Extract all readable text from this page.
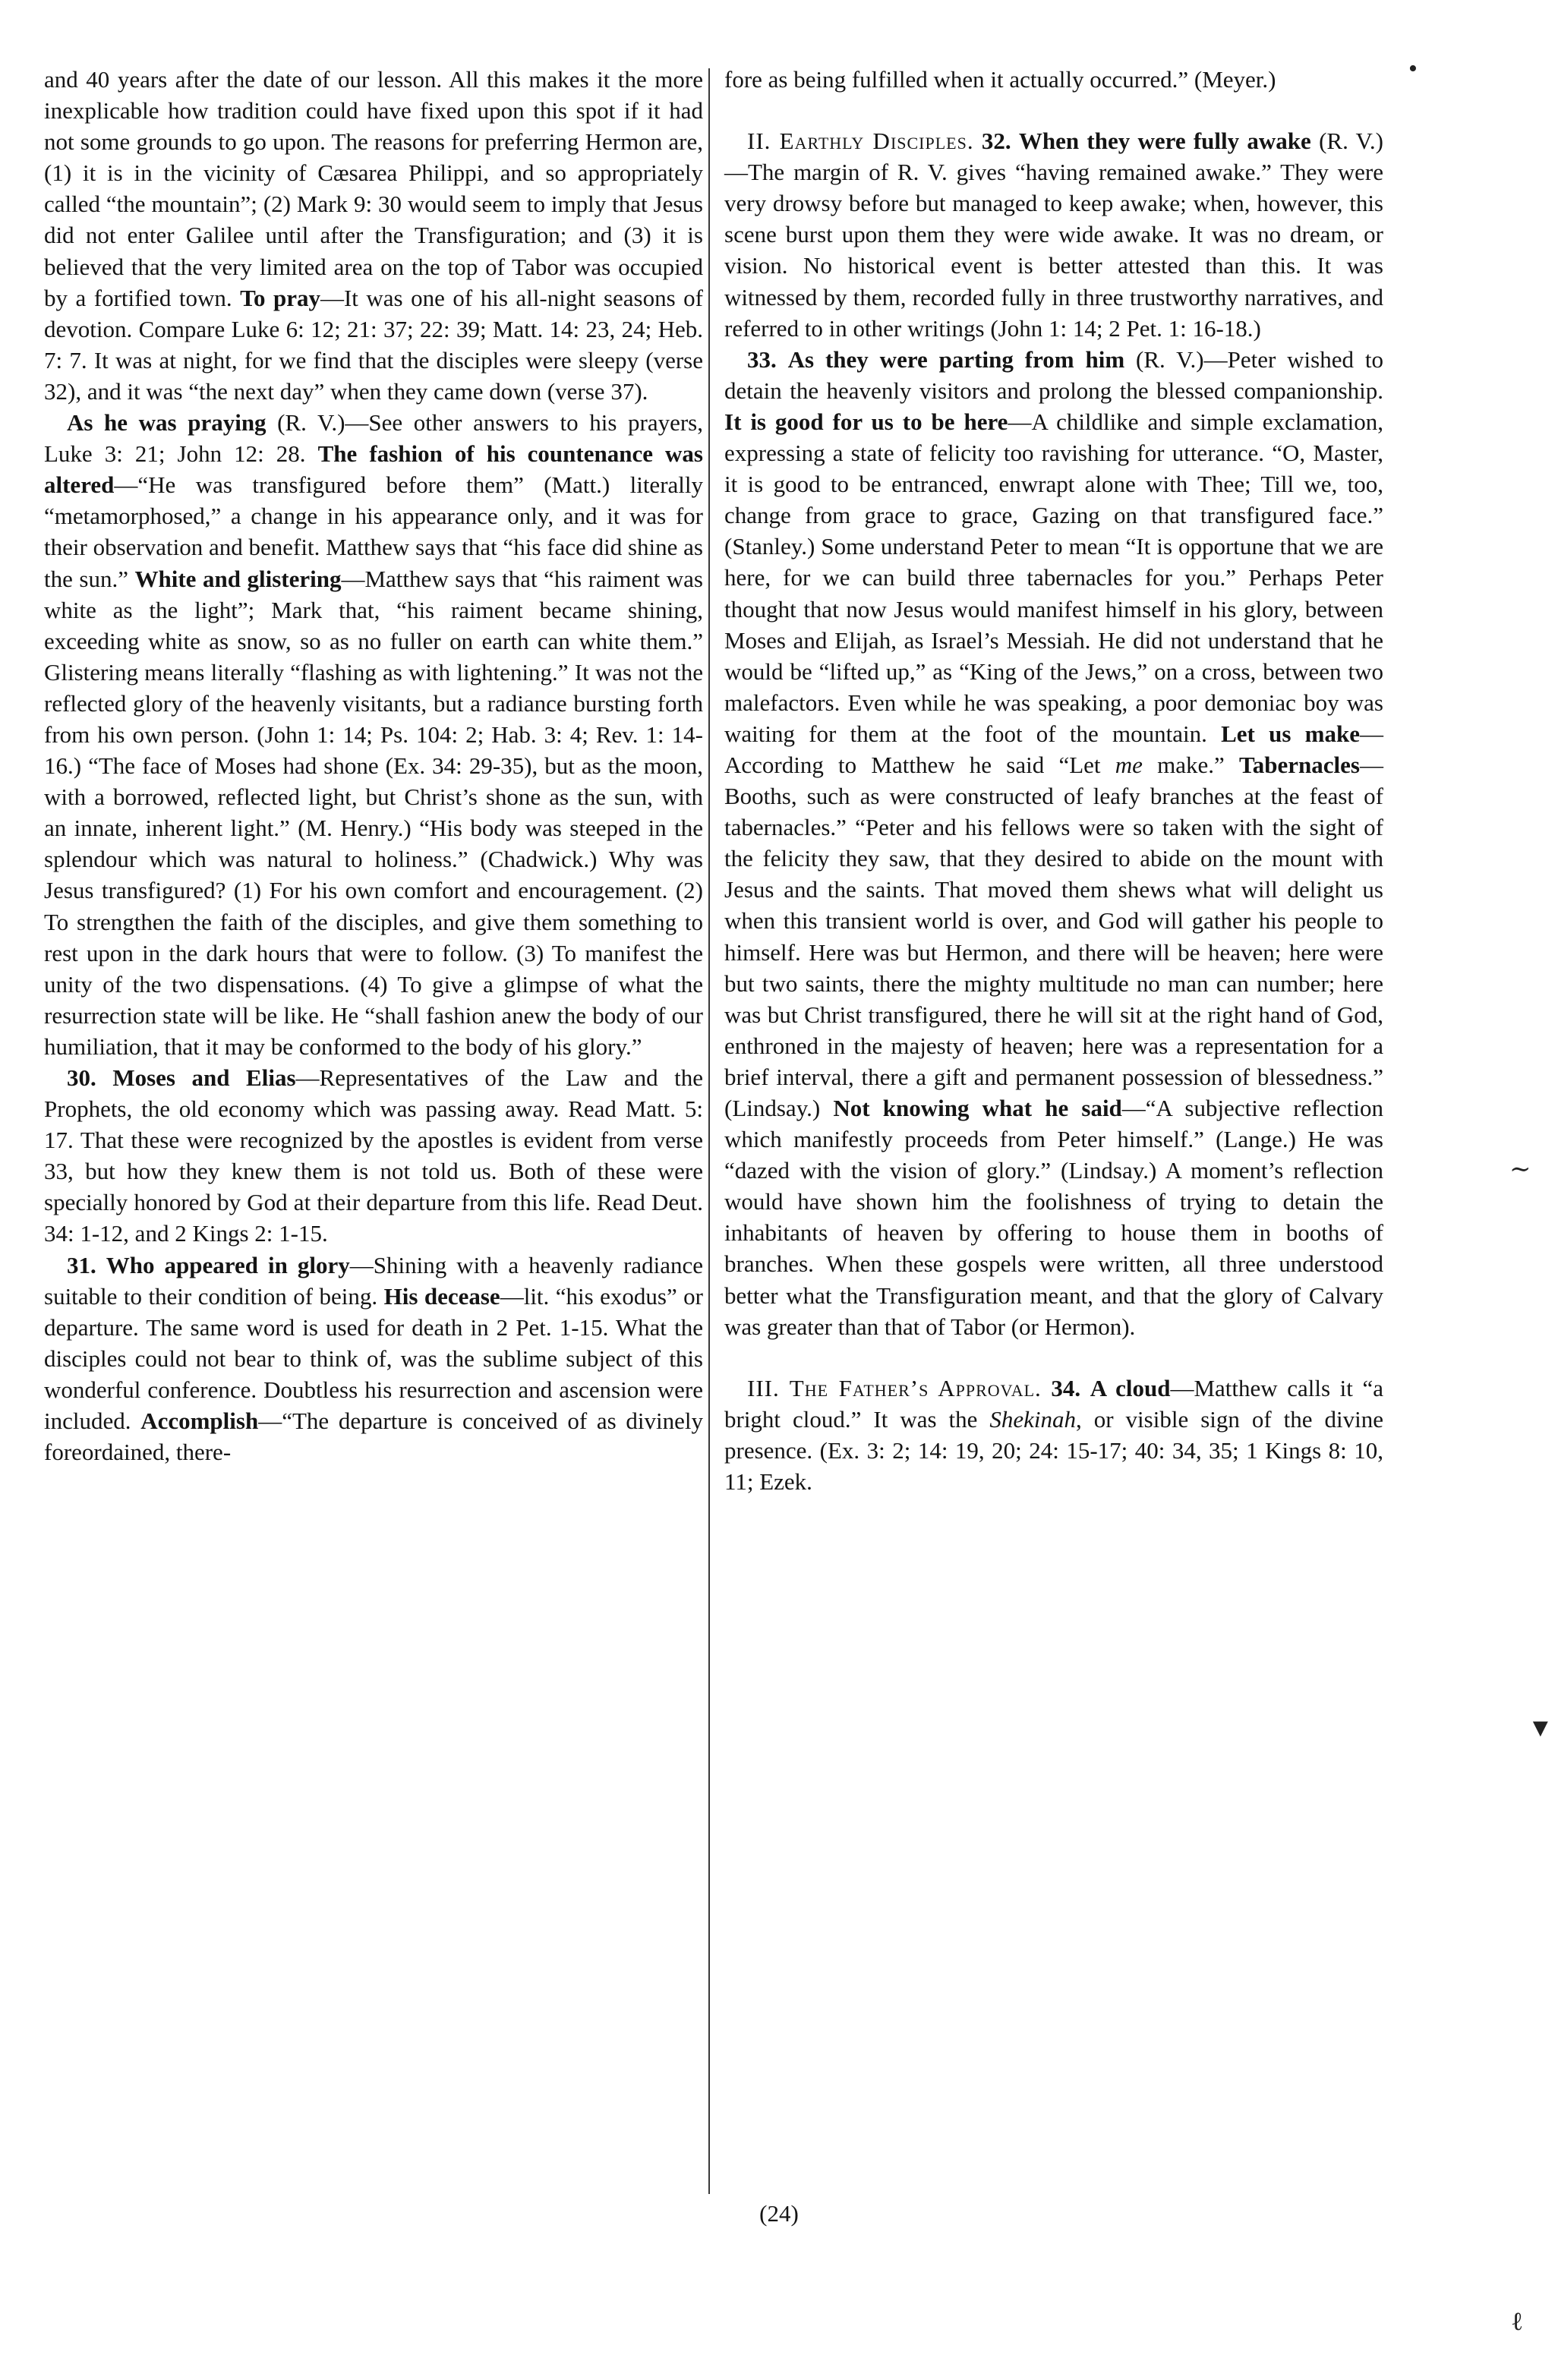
and 40 years after the date of our lesson. All this makes it the more inexplicable how tradition could have fixed upon this spot if it had not some grounds to go upon. The reasons for preferring Hermon are, (1) it is in the vicinity of Cæsarea Philippi, and so appropriately called “the mountain”; (2) Mark 9: 30 would seem to imply that Jesus did not enter Galilee until after the Transfiguration; and (3) it is believed that the very limited area on the top of Tabor was occupied by a fortified town. To pray—It was one of his all-night seasons of devotion. Compare Luke 6: 12; 21: 37; 22: 39; Matt. 14: 23, 24; Heb. 7: 7. It was at night, for we find that the disciples were sleepy (verse 32), and it was “the next day” when they came down (verse 37).

As he was praying (R. V.)—See other answers to his prayers, Luke 3: 21; John 12: 28. The fashion of his countenance was altered—“He was transfigured before them” (Matt.) literally “metamorphosed,” a change in his appearance only, and it was for their observation and benefit. Matthew says that “his face did shine as the sun.” White and glistering—Matthew says that “his raiment was white as the light”; Mark that, “his raiment became shining, exceeding white as snow, so as no fuller on earth can white them.” Glistering means literally “flashing as with lightening.” It was not the reflected glory of the heavenly visitants, but a radiance bursting forth from his own person. (John 1: 14; Ps. 104: 2; Hab. 3: 4; Rev. 1: 14-16.) “The face of Moses had shone (Ex. 34: 29-35), but as the moon, with a borrowed, reflected light, but Christ’s shone as the sun, with an innate, inherent light.” (M. Henry.) “His body was steeped in the splendour which was natural to holiness.” (Chadwick.) Why was Jesus transfigured? (1) For his own comfort and encouragement. (2) To strengthen the faith of the disciples, and give them something to rest upon in the dark hours that were to follow. (3) To manifest the unity of the two dispensations. (4) To give a glimpse of what the resurrection state will be like. He “shall fashion anew the body of our humiliation, that it may be conformed to the body of his glory.”

30. Moses and Elias—Representatives of the Law and the Prophets, the old economy which was passing away. Read Matt. 5: 17. That these were recognized by the apostles is evident from verse 33, but how they knew them is not told us. Both of these were specially honored by God at their departure from this life. Read Deut. 34: 1-12, and 2 Kings 2: 1-15.

31. Who appeared in glory—Shining with a heavenly radiance suitable to their condition of being. His decease—lit. “his exodus” or departure. The same word is used for death in 2 Pet. 1-15. What the disciples could not bear to think of, was the sublime subject of this wonderful conference. Doubtless his resurrection and ascension were included. Accomplish—“The departure is conceived of as divinely foreordained, there-

fore as being fulfilled when it actually occurred.” (Meyer.)

II. Earthly Disciples. 32. When they were fully awake (R. V.)—The margin of R. V. gives “having remained awake.” They were very drowsy before but managed to keep awake; when, however, this scene burst upon them they were wide awake. It was no dream, or vision. No historical event is better attested than this. It was witnessed by them, recorded fully in three trustworthy narratives, and referred to in other writings (John 1: 14; 2 Pet. 1: 16-18.)

33. As they were parting from him (R. V.)—Peter wished to detain the heavenly visitors and prolong the blessed companionship. It is good for us to be here—A childlike and simple exclamation, expressing a state of felicity too ravishing for utterance. “O, Master, it is good to be entranced, enwrapt alone with Thee; Till we, too, change from grace to grace, Gazing on that transfigured face.” (Stanley.) Some understand Peter to mean “It is opportune that we are here, for we can build three tabernacles for you.” Perhaps Peter thought that now Jesus would manifest himself in his glory, between Moses and Elijah, as Israel’s Messiah. He did not understand that he would be “lifted up,” as “King of the Jews,” on a cross, between two malefactors. Even while he was speaking, a poor demoniac boy was waiting for them at the foot of the mountain. Let us make—According to Matthew he said “Let me make.” Tabernacles—Booths, such as were constructed of leafy branches at the feast of tabernacles.” “Peter and his fellows were so taken with the sight of the felicity they saw, that they desired to abide on the mount with Jesus and the saints. That moved them shews what will delight us when this transient world is over, and God will gather his people to himself. Here was but Hermon, and there will be heaven; here were but two saints, there the mighty multitude no man can number; here was but Christ transfigured, there he will sit at the right hand of God, enthroned in the majesty of heaven; here was a representation for a brief interval, there a gift and permanent possession of blessedness.” (Lindsay.) Not knowing what he said—“A subjective reflection which manifestly proceeds from Peter himself.” (Lange.) He was “dazed with the vision of glory.” (Lindsay.) A moment’s reflection would have shown him the foolishness of trying to detain the inhabitants of heaven by offering to house them in booths of branches. When these gospels were written, all three understood better what the Transfiguration meant, and that the glory of Calvary was greater than that of Tabor (or Hermon).

III. The Father’s Approval. 34. A cloud—Matthew calls it “a bright cloud.” It was the Shekinah, or visible sign of the divine presence. (Ex. 3: 2; 14: 19, 20; 24: 15-17; 40: 34, 35; 1 Kings 8: 10, 11; Ezek.

(24)
•
∼
▼
ℓ
